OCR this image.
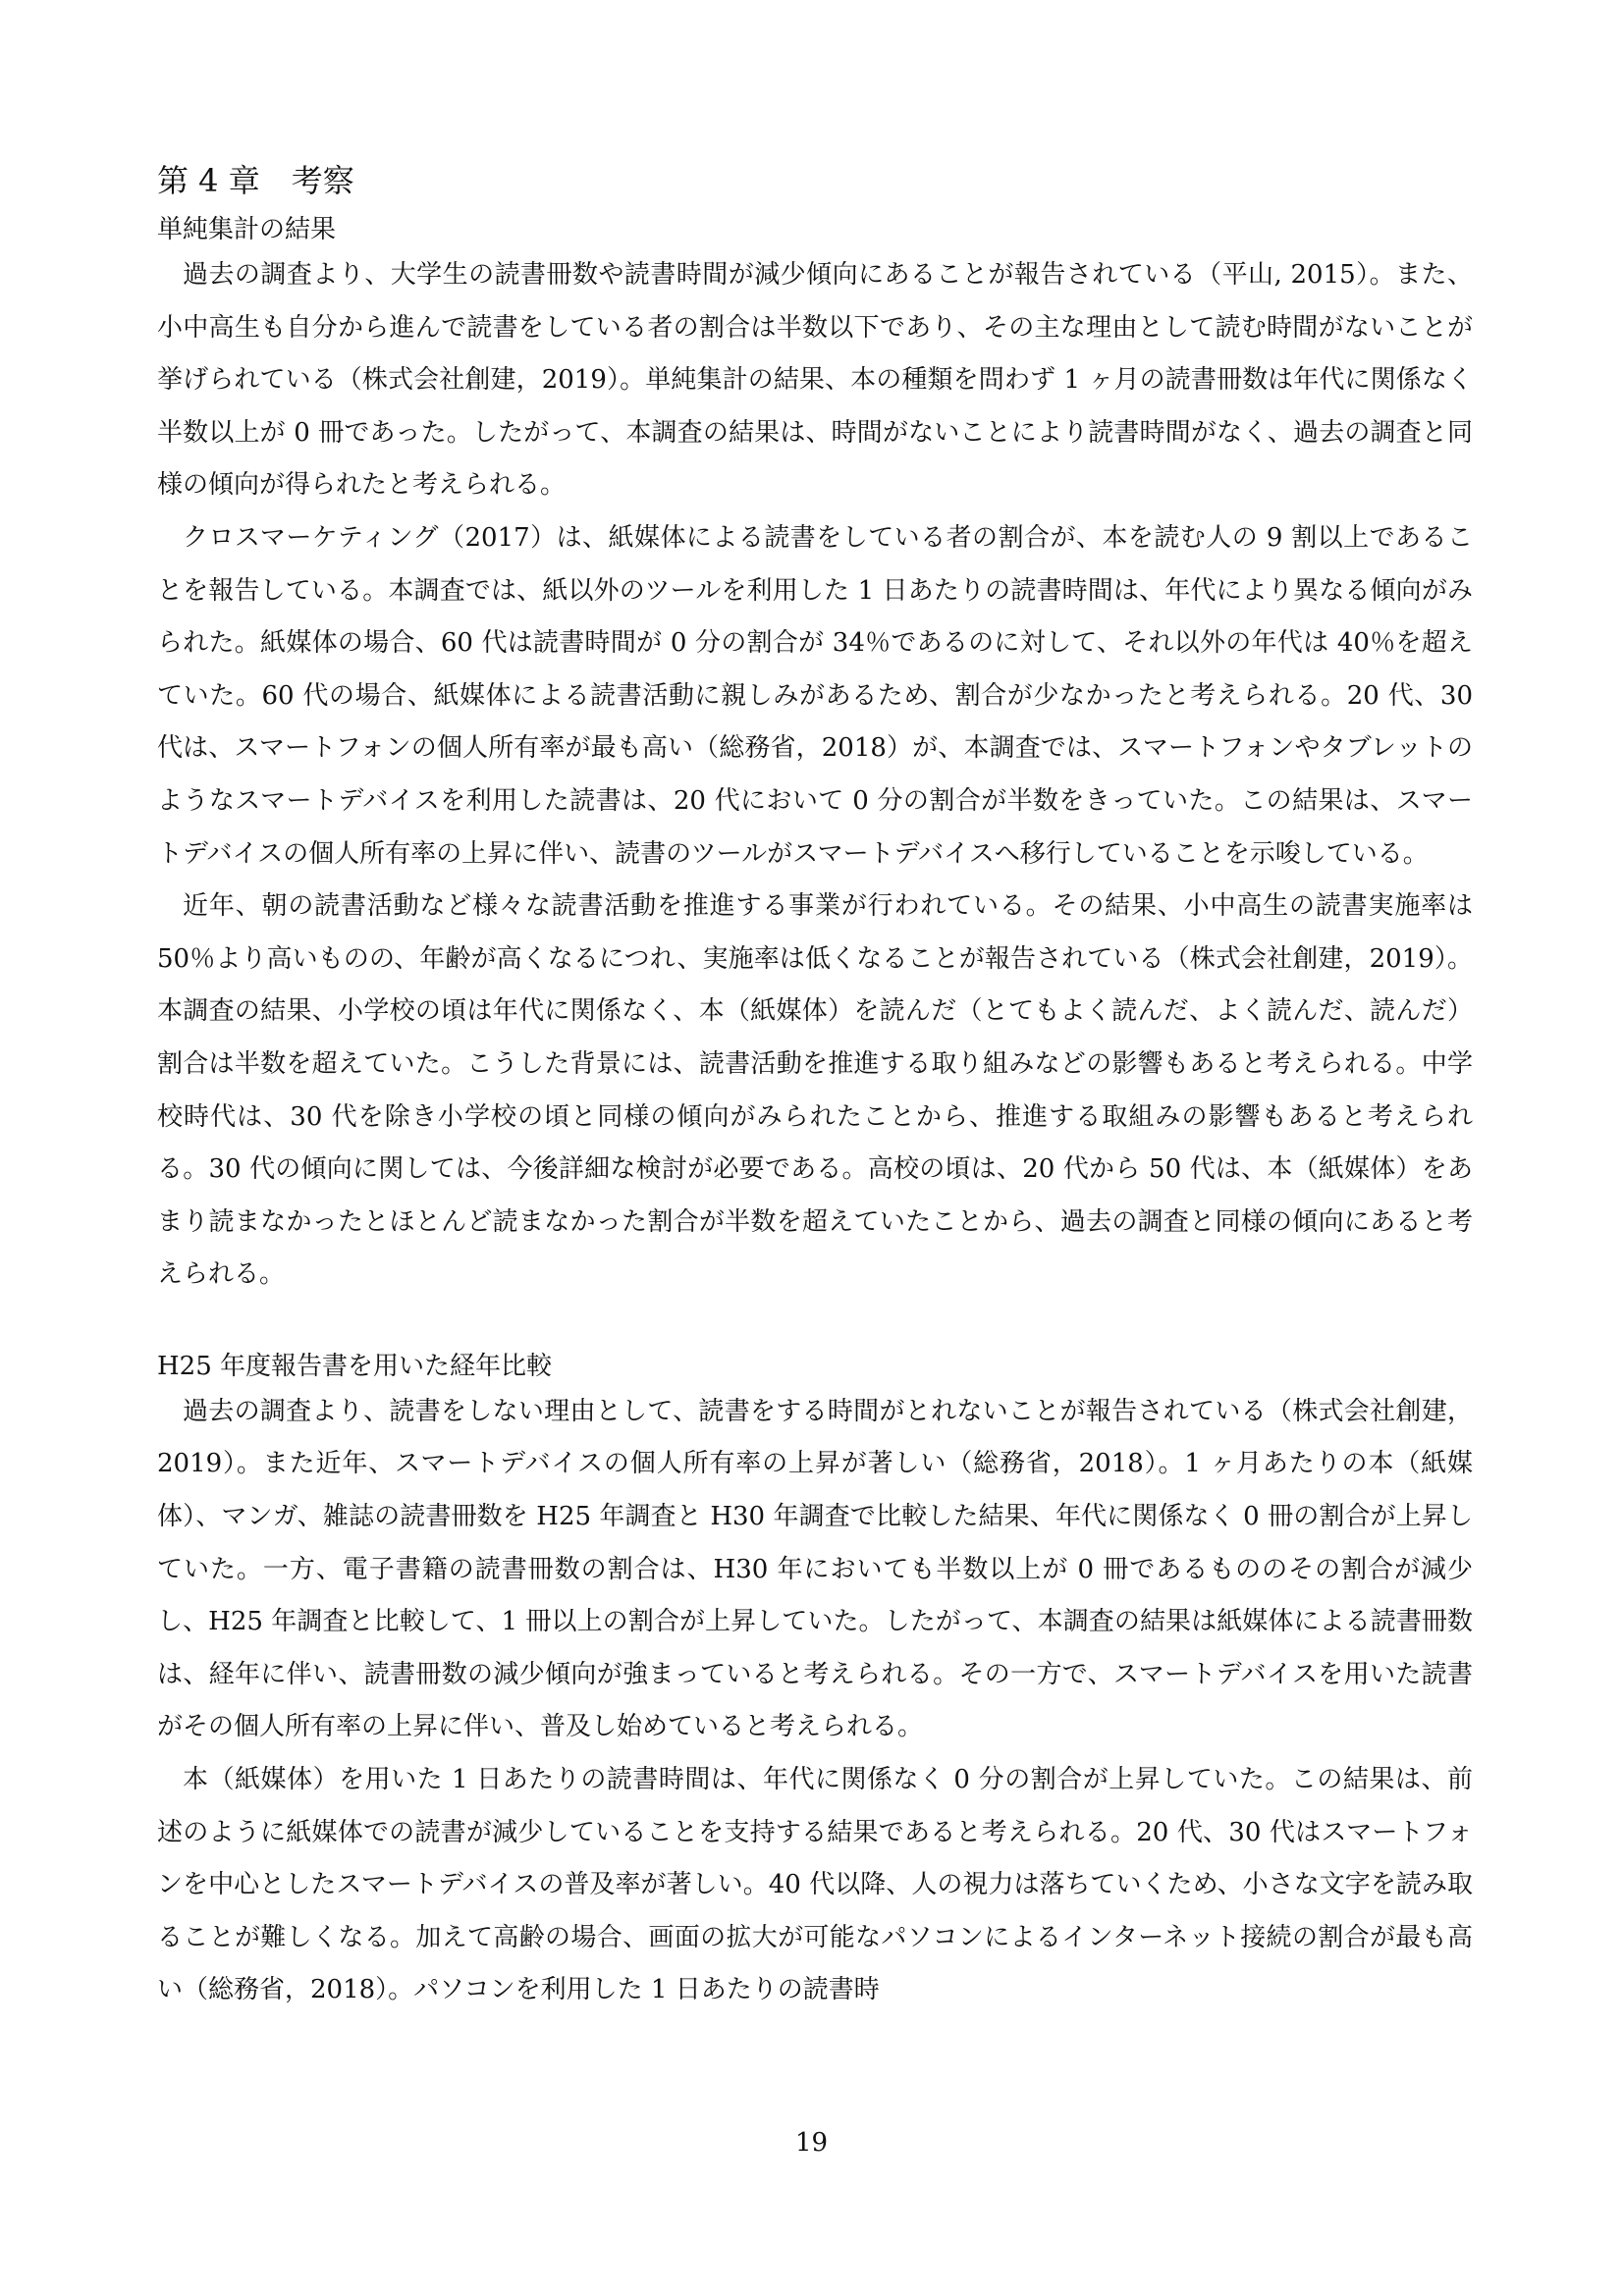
第 4 章　考察
単純集計の結果

過去の調査より、大学生の読書冊数や読書時間が減少傾向にあることが報告されている（平山, 2015）。また、小中高生も自分から進んで読書をしている者の割合は半数以下であり、その主な理由として読む時間がないことが挙げられている（株式会社創建，2019）。単純集計の結果、本の種類を問わず 1 ヶ月の読書冊数は年代に関係なく半数以上が 0 冊であった。したがって、本調査の結果は、時間がないことにより読書時間がなく、過去の調査と同様の傾向が得られたと考えられる。

クロスマーケティング（2017）は、紙媒体による読書をしている者の割合が、本を読む人の 9 割以上であることを報告している。本調査では、紙以外のツールを利用した 1 日あたりの読書時間は、年代により異なる傾向がみられた。紙媒体の場合、60 代は読書時間が 0 分の割合が 34％であるのに対して、それ以外の年代は 40％を超えていた。60 代の場合、紙媒体による読書活動に親しみがあるため、割合が少なかったと考えられる。20 代、30 代は、スマートフォンの個人所有率が最も高い（総務省，2018）が、本調査では、スマートフォンやタブレットのようなスマートデバイスを利用した読書は、20 代において 0 分の割合が半数をきっていた。この結果は、スマートデバイスの個人所有率の上昇に伴い、読書のツールがスマートデバイスへ移行していることを示唆している。

近年、朝の読書活動など様々な読書活動を推進する事業が行われている。その結果、小中高生の読書実施率は 50％より高いものの、年齢が高くなるにつれ、実施率は低くなることが報告されている（株式会社創建，2019）。本調査の結果、小学校の頃は年代に関係なく、本（紙媒体）を読んだ（とてもよく読んだ、よく読んだ、読んだ）割合は半数を超えていた。こうした背景には、読書活動を推進する取り組みなどの影響もあると考えられる。中学校時代は、30 代を除き小学校の頃と同様の傾向がみられたことから、推進する取組みの影響もあると考えられる。30 代の傾向に関しては、今後詳細な検討が必要である。高校の頃は、20 代から 50 代は、本（紙媒体）をあまり読まなかったとほとんど読まなかった割合が半数を超えていたことから、過去の調査と同様の傾向にあると考えられる。

H25 年度報告書を用いた経年比較

過去の調査より、読書をしない理由として、読書をする時間がとれないことが報告されている（株式会社創建，2019）。また近年、スマートデバイスの個人所有率の上昇が著しい（総務省，2018）。1 ヶ月あたりの本（紙媒体）、マンガ、雑誌の読書冊数を H25 年調査と H30 年調査で比較した結果、年代に関係なく 0 冊の割合が上昇していた。一方、電子書籍の読書冊数の割合は、H30 年においても半数以上が 0 冊であるもののその割合が減少し、H25 年調査と比較して、1 冊以上の割合が上昇していた。したがって、本調査の結果は紙媒体による読書冊数は、経年に伴い、読書冊数の減少傾向が強まっていると考えられる。その一方で、スマートデバイスを用いた読書がその個人所有率の上昇に伴い、普及し始めていると考えられる。

本（紙媒体）を用いた 1 日あたりの読書時間は、年代に関係なく 0 分の割合が上昇していた。この結果は、前述のように紙媒体での読書が減少していることを支持する結果であると考えられる。20 代、30 代はスマートフォンを中心としたスマートデバイスの普及率が著しい。40 代以降、人の視力は落ちていくため、小さな文字を読み取ることが難しくなる。加えて高齢の場合、画面の拡大が可能なパソコンによるインターネット接続の割合が最も高い（総務省，2018）。パソコンを利用した 1 日あたりの読書時

19
